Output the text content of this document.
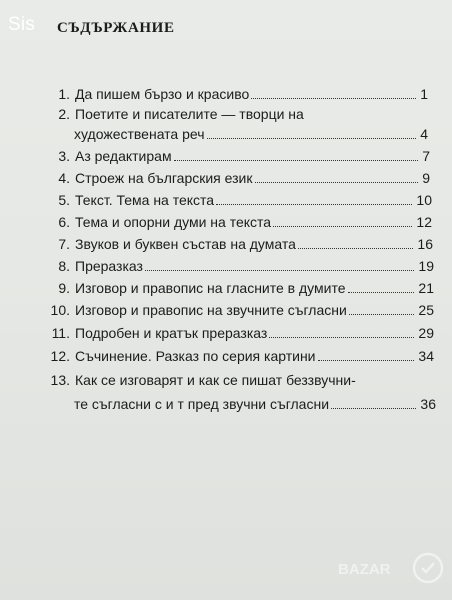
Sis СЪДЪРЖАНИЕ
1. Да пишем бързо и красиво	1
2. Поетите и писателите — творци на
художествената реч	4
3. Аз редактирам	7
4. Строеж на българския език	9
5. Текст. Тема на текста	10
6. Тема и опорни думи на текста	12
7. Звуков и буквен състав на думата	16
8. Преразказ	19
9. Изговор и правопис на гласните в думите	21
10. Изговор и правопис на звучните съгласни	25
11. Подробен и кратък преразказ	29
12. Съчинение. Разказ по серия картини	34
13. Как се изговарят и как се пишат беззвучни-
те съгласни с и т пред звучни съгласни	36
BAZAR
